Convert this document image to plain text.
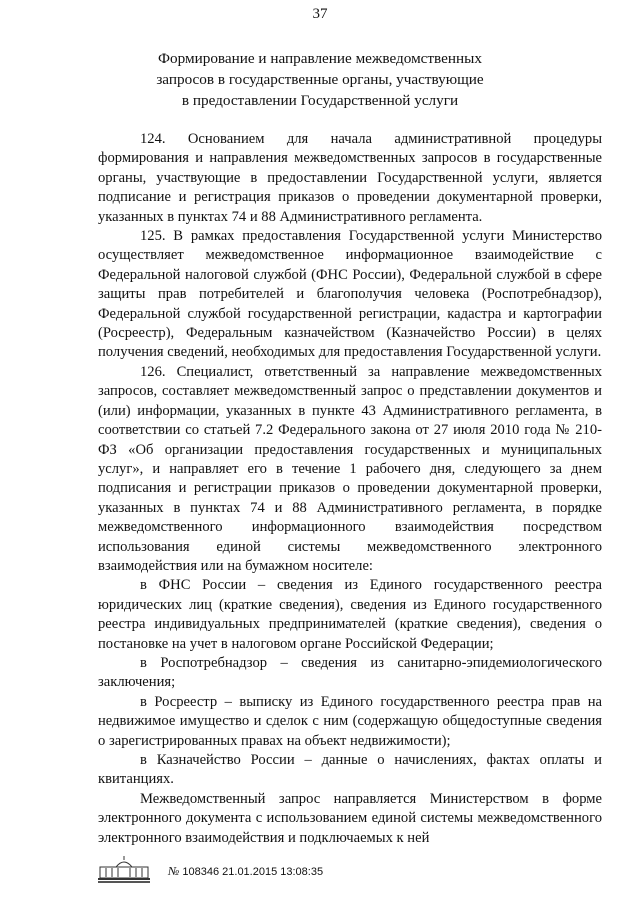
37
Формирование и направление межведомственных
запросов в государственные органы, участвующие
в предоставлении Государственной услуги

124. Основанием для начала административной процедуры формирования и направления межведомственных запросов в государственные органы, участвующие в предоставлении Государственной услуги, является подписание и регистрация приказов о проведении документарной проверки, указанных в пунктах 74 и 88 Административного регламента.

125. В рамках предоставления Государственной услуги Министерство осуществляет межведомственное информационное взаимодействие с Федеральной налоговой службой (ФНС России), Федеральной службой в сфере защиты прав потребителей и благополучия человека (Роспотребнадзор), Федеральной службой государственной регистрации, кадастра и картографии (Росреестр), Федеральным казначейством (Казначейство России) в целях получения сведений, необходимых для предоставления Государственной услуги.

126. Специалист, ответственный за направление межведомственных запросов, составляет межведомственный запрос о представлении документов и (или) информации, указанных в пункте 43 Административного регламента, в соответствии со статьей 7.2 Федерального закона от 27 июля 2010 года № 210-ФЗ «Об организации предоставления государственных и муниципальных услуг», и направляет его в течение 1 рабочего дня, следующего за днем подписания и регистрации приказов о проведении документарной проверки, указанных в пунктах 74 и 88 Административного регламента, в порядке межведомственного информационного взаимодействия посредством использования единой системы межведомственного электронного взаимодействия или на бумажном носителе:

в ФНС России – сведения из Единого государственного реестра юридических лиц (краткие сведения), сведения из Единого государственного реестра индивидуальных предпринимателей (краткие сведения), сведения о постановке на учет в налоговом органе Российской Федерации;

в Роспотребнадзор – сведения из санитарно-эпидемиологического заключения;

в Росреестр – выписку из Единого государственного реестра прав на недвижимое имущество и сделок с ним (содержащую общедоступные сведения о зарегистрированных правах на объект недвижимости);

в Казначейство России – данные о начислениях, фактах оплаты и квитанциях.

Межведомственный запрос направляется Министерством в форме электронного документа с использованием единой системы межведомственного электронного взаимодействия и подключаемых к ней

№ 108346 21.01.2015 13:08:35
